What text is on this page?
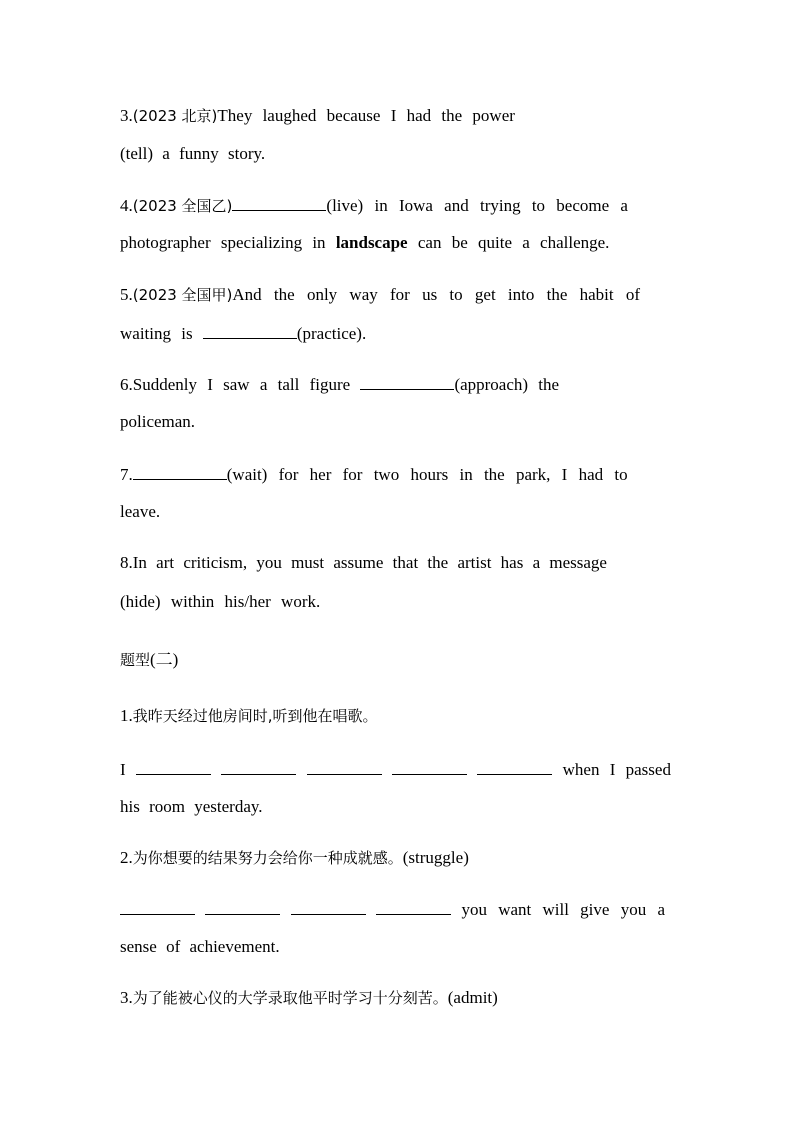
3.(2023 北京)They laughed because I had the power
(tell) a funny story.
4.(2023 全国乙)	(live) in Iowa and trying to become a
photographer specializing in landscape can be quite a challenge.
5.(2023 全国甲)And the only way for us to get into the habit of
waiting is	(practice).
6.Suddenly I saw a tall figure	(approach) the
policeman.
7.	(wait) for her for two hours in the park, I had to
leave.
8.In art criticism, you must assume that the artist has a message
(hide) within his/her work.
题型(二)
1.我昨天经过他房间时,听到他在唱歌。
I	when I passed
his room yesterday.
2.为你想要的结果努力会给你一种成就感。(struggle)
you want will give you a
sense of achievement.
3.为了能被心仪的大学录取他平时学习十分刻苦。(admit)
